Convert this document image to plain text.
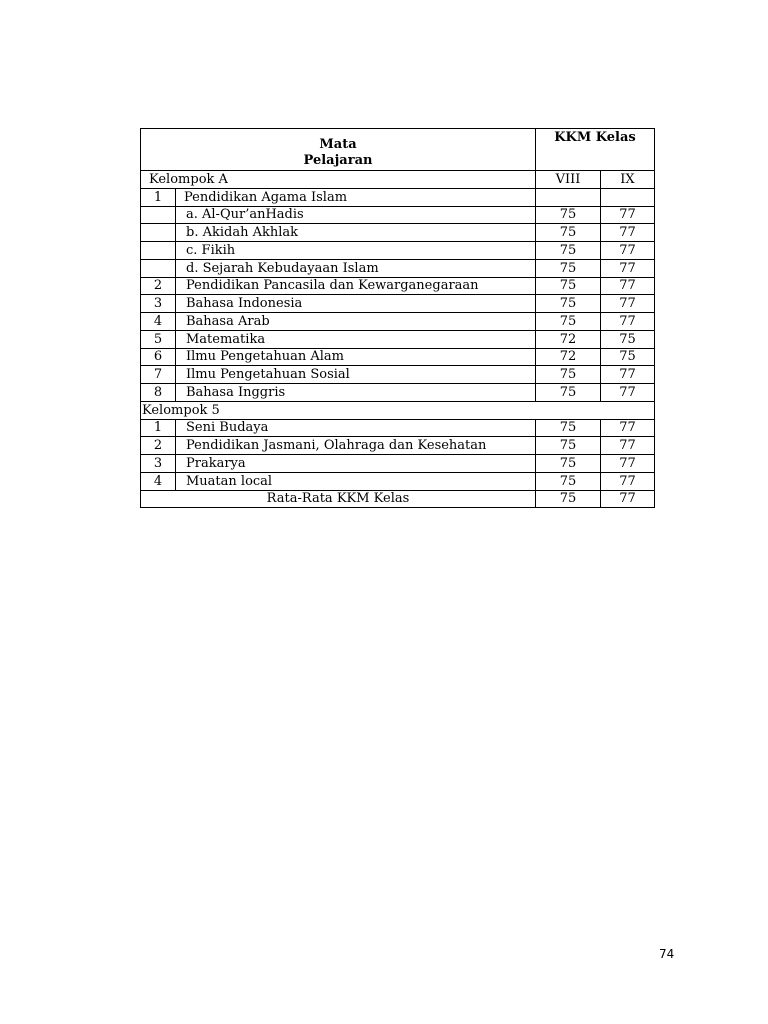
Mata
Pelajaran		KKM Kelas	
Kelompok A		VIII	IX
1	Pendidikan Agama Islam		
	a. Al-Qur’anHadis	75	77
	b. Akidah Akhlak	75	77
	c. Fikih	75	77
	d. Sejarah Kebudayaan Islam	75	77
2	Pendidikan Pancasila dan Kewarganegaraan	75	77
3	Bahasa Indonesia	75	77
4	Bahasa Arab	75	77
5	Matematika	72	75
6	Ilmu Pengetahuan Alam	72	75
7	Ilmu Pengetahuan Sosial	75	77
8	Bahasa Inggris	75	77
Kelompok 5			
1	Seni Budaya	75	77
2	Pendidikan Jasmani, Olahraga dan Kesehatan	75	77
3	Prakarya	75	77
4	Muatan local	75	77
Rata-Rata KKM Kelas		75	77
74
